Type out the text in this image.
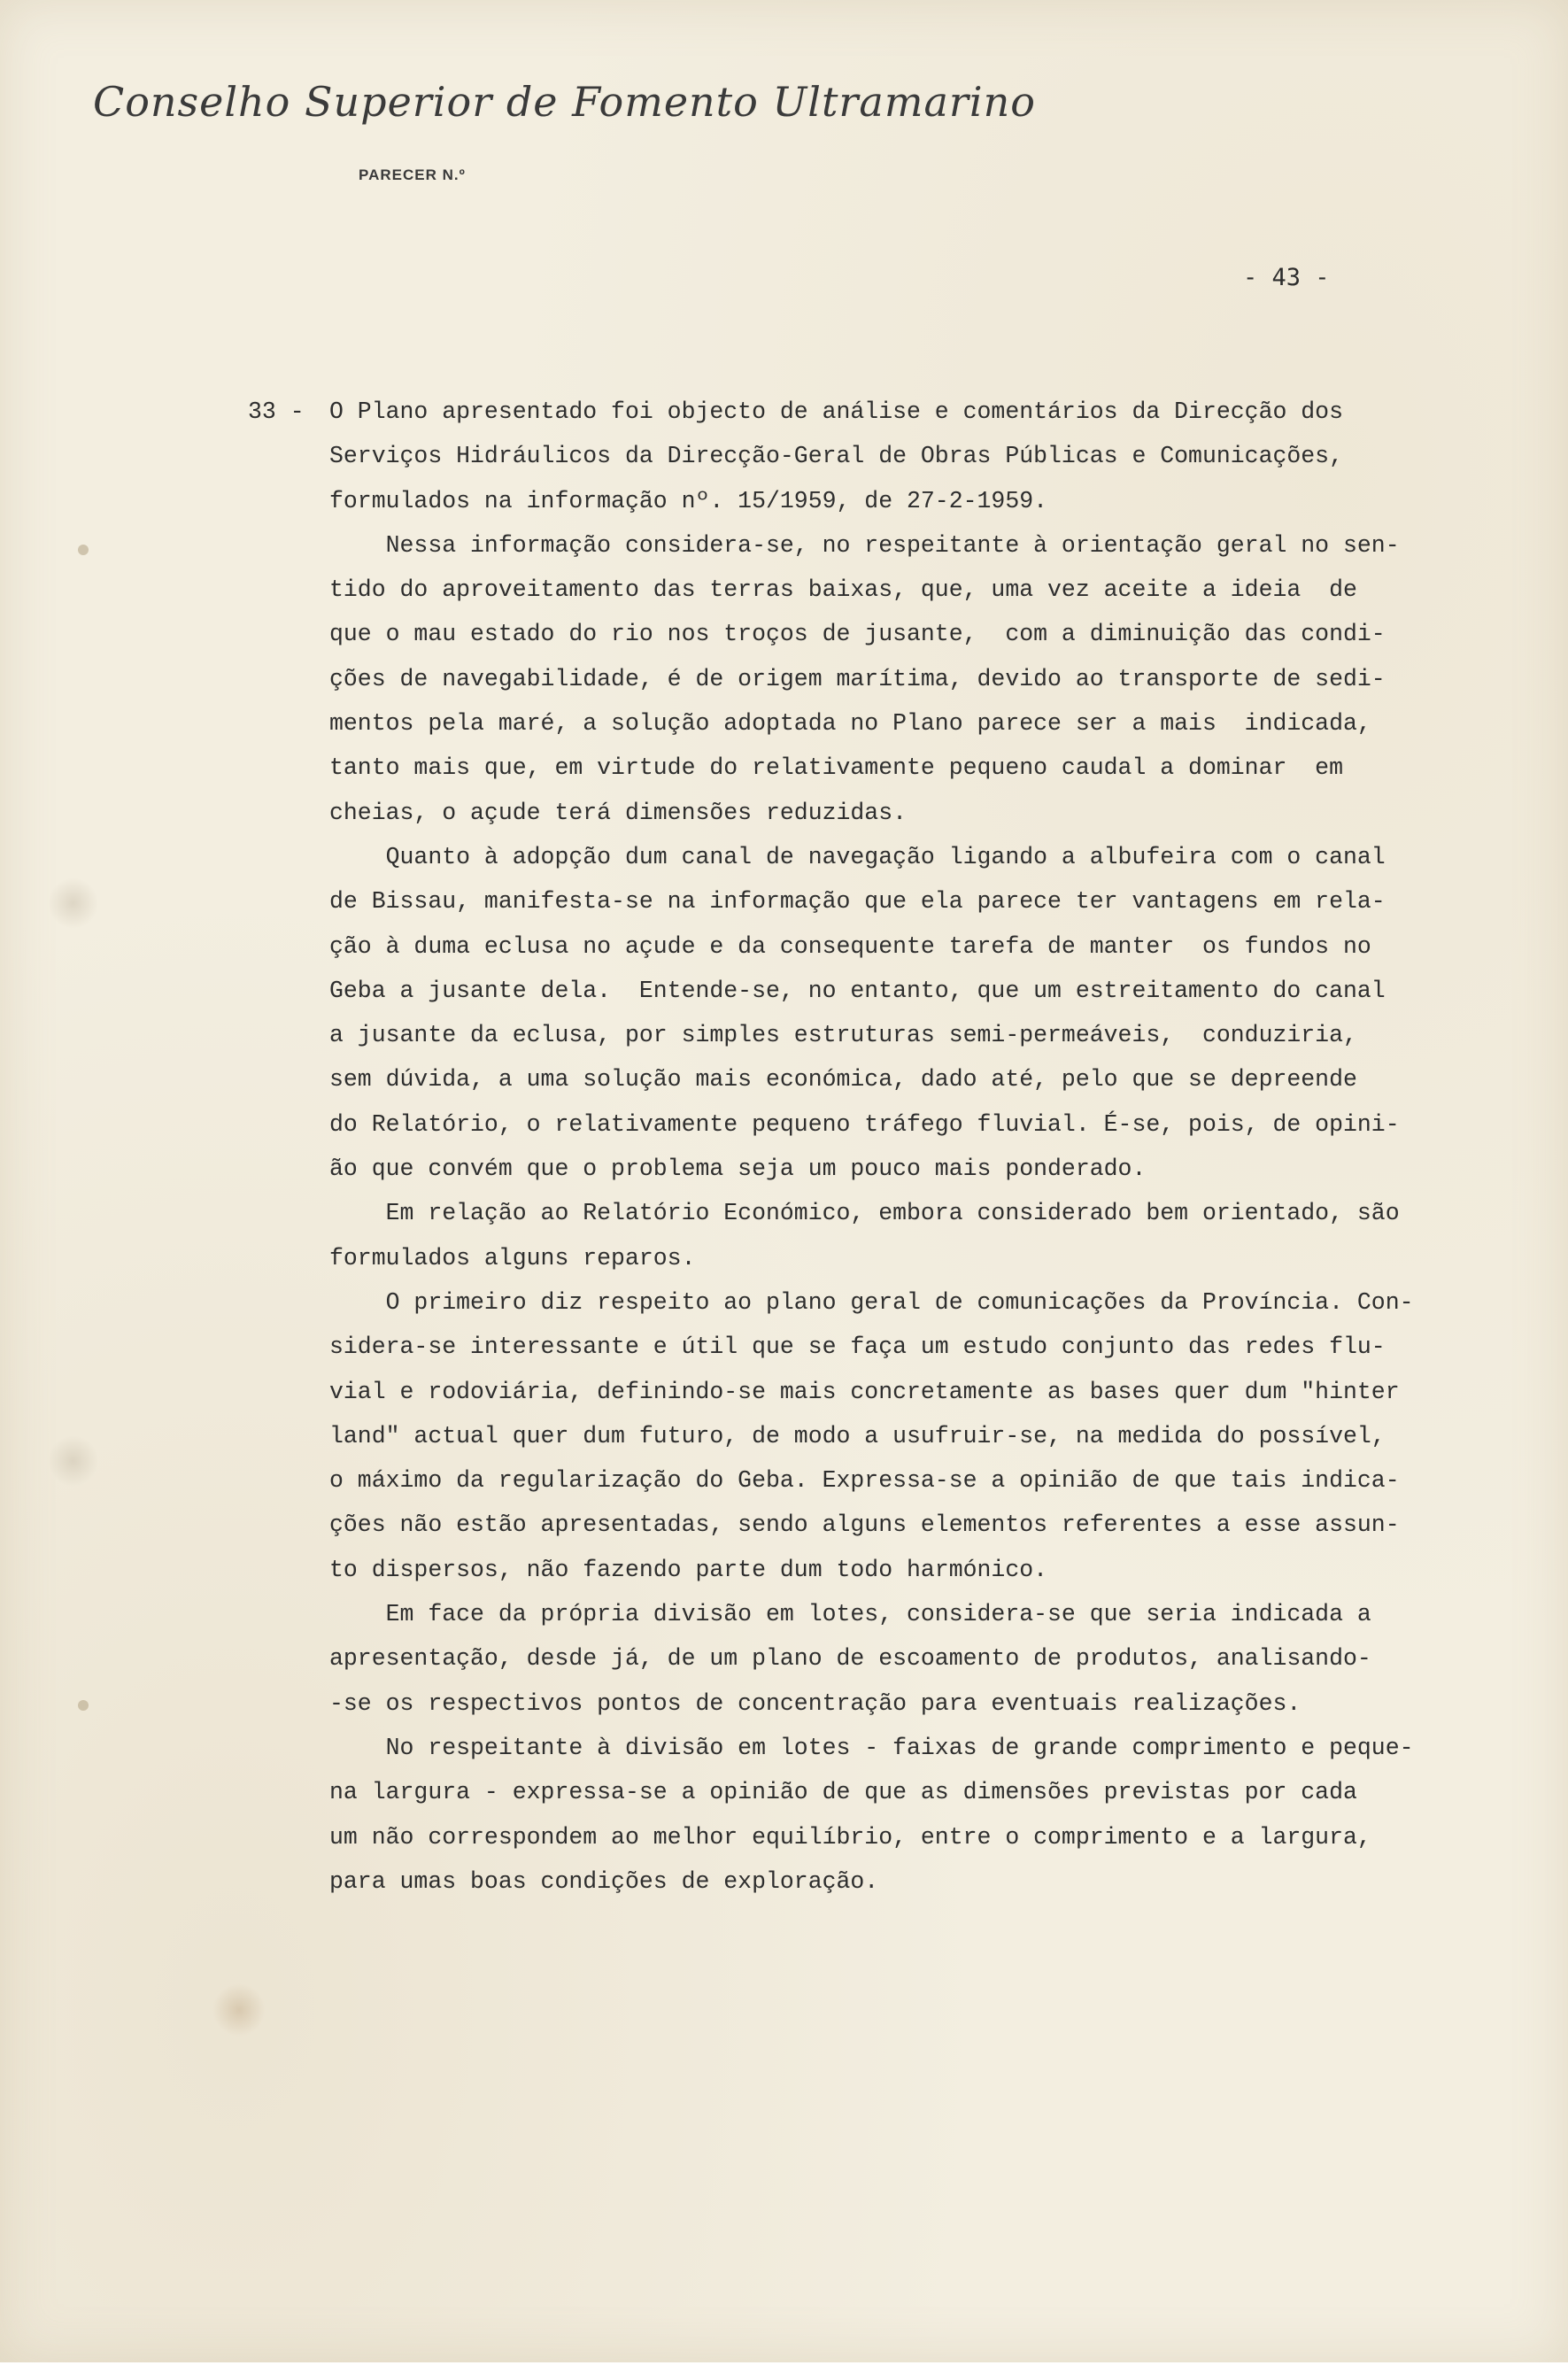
Conselho Superior de Fomento Ultramarino
PARECER N.º
- 43 -
33 - O Plano apresentado foi objecto de análise e comentários da Direcção dos
Serviços Hidráulicos da Direcção-Geral de Obras Públicas e Comunicações,
formulados na informação nº. 15/1959, de 27-2-1959.
Nessa informação considera-se, no respeitante à orientação geral no sen-
tido do aproveitamento das terras baixas, que, uma vez aceite a ideia  de
que o mau estado do rio nos troços de jusante,  com a diminuição das condi-
ções de navegabilidade, é de origem marítima, devido ao transporte de sedi-
mentos pela maré, a solução adoptada no Plano parece ser a mais  indicada,
tanto mais que, em virtude do relativamente pequeno caudal a dominar  em
cheias, o açude terá dimensões reduzidas.
Quanto à adopção dum canal de navegação ligando a albufeira com o canal
de Bissau, manifesta-se na informação que ela parece ter vantagens em rela-
ção à duma eclusa no açude e da consequente tarefa de manter  os fundos no
Geba a jusante dela.  Entende-se, no entanto, que um estreitamento do canal
a jusante da eclusa, por simples estruturas semi-permeáveis,  conduziria,
sem dúvida, a uma solução mais económica, dado até, pelo que se depreende
do Relatório, o relativamente pequeno tráfego fluvial. É-se, pois, de opini-
ão que convém que o problema seja um pouco mais ponderado.
Em relação ao Relatório Económico, embora considerado bem orientado, são
formulados alguns reparos.
O primeiro diz respeito ao plano geral de comunicações da Província. Con-
sidera-se interessante e útil que se faça um estudo conjunto das redes flu-
vial e rodoviária, definindo-se mais concretamente as bases quer dum "hinter
land" actual quer dum futuro, de modo a usufruir-se, na medida do possível,
o máximo da regularização do Geba. Expressa-se a opinião de que tais indica-
ções não estão apresentadas, sendo alguns elementos referentes a esse assun-
to dispersos, não fazendo parte dum todo harmónico.
Em face da própria divisão em lotes, considera-se que seria indicada a
apresentação, desde já, de um plano de escoamento de produtos, analisando-
-se os respectivos pontos de concentração para eventuais realizações.
No respeitante à divisão em lotes - faixas de grande comprimento e peque-
na largura - expressa-se a opinião de que as dimensões previstas por cada
um não correspondem ao melhor equilíbrio, entre o comprimento e a largura,
para umas boas condições de exploração.
